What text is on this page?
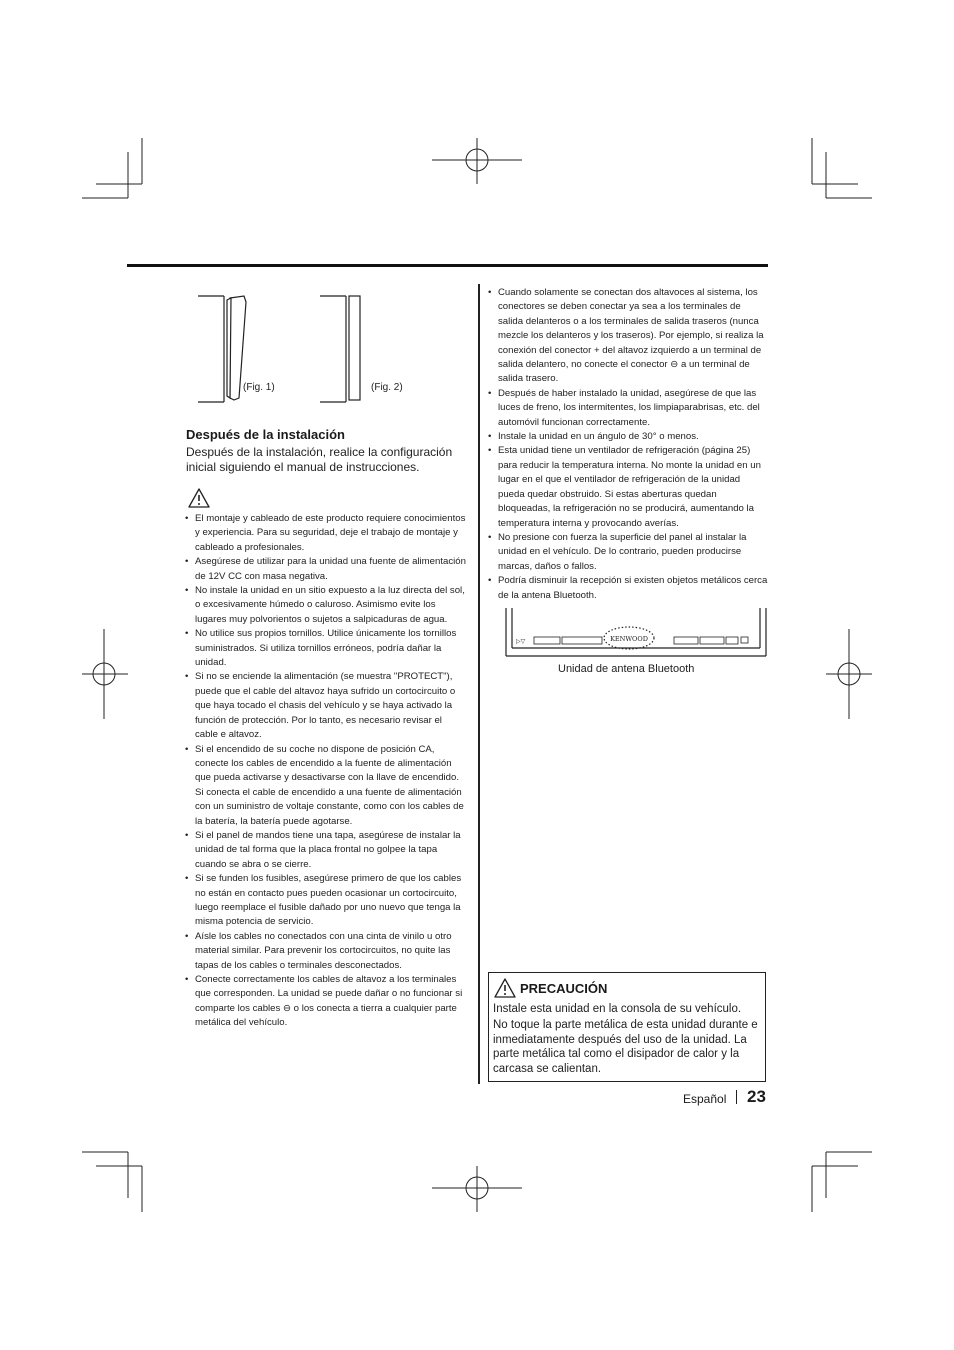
(Fig. 1)	(Fig. 2)
Después de la instalación
Después de la instalación, realice la configuración inicial siguiendo el manual de instrucciones.
• El montaje y cableado de este producto requiere conocimientos y experiencia. Para su seguridad, deje el trabajo de montaje y cableado a profesionales.
• Asegúrese de utilizar para la unidad una fuente de alimentación de 12V CC con masa negativa.
• No instale la unidad en un sitio expuesto a la luz directa del sol, o excesivamente húmedo o caluroso. Asimismo evite los lugares muy polvorientos o sujetos a salpicaduras de agua.
• No utilice sus propios tornillos. Utilice únicamente los tornillos suministrados. Si utiliza tornillos erróneos, podría dañar la unidad.
• Si no se enciende la alimentación (se muestra "PROTECT"), puede que el cable del altavoz haya sufrido un cortocircuito o que haya tocado el chasis del vehículo y se haya activado la función de protección. Por lo tanto, es necesario revisar el cable e altavoz.
• Si el encendido de su coche no dispone de posición CA, conecte los cables de encendido a la fuente de alimentación que pueda activarse y desactivarse con la llave de encendido. Si conecta el cable de encendido a una fuente de alimentación con un suministro de voltaje constante, como con los cables de la batería, la batería puede agotarse.
• Si el panel de mandos tiene una tapa, asegúrese de instalar la unidad de tal forma que la placa frontal no golpee la tapa cuando se abra o se cierre.
• Si se funden los fusibles, asegúrese primero de que los cables no están en contacto pues pueden ocasionar un cortocircuito, luego reemplace el fusible dañado por uno nuevo que tenga la misma potencia de servicio.
• Aísle los cables no conectados con una cinta de vinilo u otro material similar. Para prevenir los cortocircuitos, no quite las tapas de los cables o terminales desconectados.
• Conecte correctamente los cables de altavoz a los terminales que corresponden. La unidad se puede dañar o no funcionar si comparte los cables ⊖ o los conecta a tierra a cualquier parte metálica del vehículo.
• Cuando solamente se conectan dos altavoces al sistema, los conectores se deben conectar ya sea a los terminales de salida delanteros o a los terminales de salida traseros (nunca mezcle los delanteros y los traseros). Por ejemplo, si realiza la conexión del conector + del altavoz izquierdo a un terminal de salida delantero, no conecte el conector ⊖ a un terminal de salida trasero.
• Después de haber instalado la unidad, asegúrese de que las luces de freno, los intermitentes, los limpiaparabrisas, etc. del automóvil funcionan correctamente.
• Instale la unidad en un ángulo de 30° o menos.
• Esta unidad tiene un ventilador de refrigeración (página 25) para reducir la temperatura interna. No monte la unidad en un lugar en el que el ventilador de refrigeración de la unidad pueda quedar obstruido. Si estas aberturas quedan bloqueadas, la refrigeración no se producirá, aumentando la temperatura interna y provocando averías.
• No presione con fuerza la superficie del panel al instalar la unidad en el vehículo. De lo contrario, pueden producirse marcas, daños o fallos.
• Podría disminuir la recepción si existen objetos metálicos cerca de la antena Bluetooth.
▷▽	KENWOOD
Unidad de antena Bluetooth
PRECAUCIÓN
Instale esta unidad en la consola de su vehículo.
No toque la parte metálica de esta unidad durante e inmediatamente después del uso de la unidad. La parte metálica tal como el disipador de calor y la carcasa se calientan.
Español 23
